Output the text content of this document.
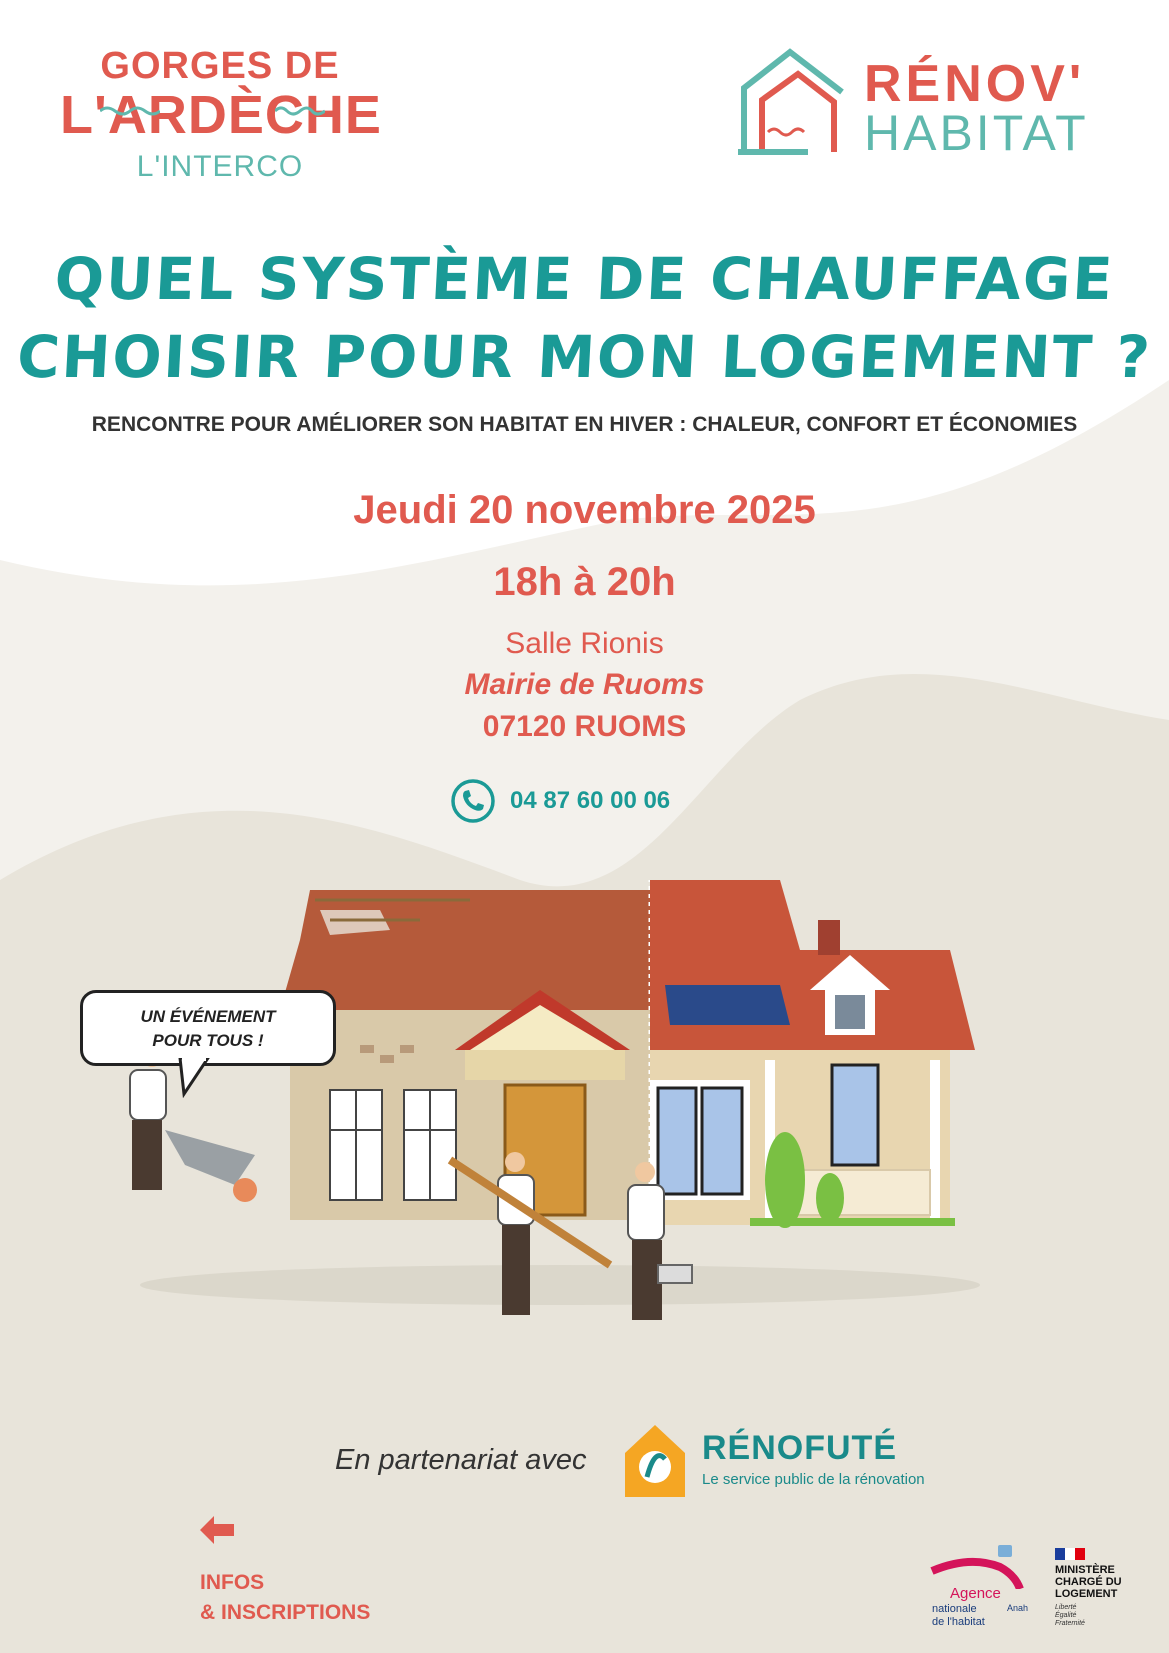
GORGES DE
L'ARDÈCHE
L'INTERCO
RÉNOV'
HABITAT
QUEL SYSTÈME DE CHAUFFAGE
CHOISIR POUR MON LOGEMENT ?
RENCONTRE POUR AMÉLIORER SON HABITAT EN HIVER : CHALEUR, CONFORT ET ÉCONOMIES
Jeudi 20 novembre 2025
18h à 20h
Salle Rionis
Mairie de Ruoms
07120 RUOMS
04 87 60 00 06
UN ÉVÉNEMENT
POUR TOUS !
En partenariat avec	RÉNOFUTÉ
Le service public de la rénovation
INFOS
& INSCRIPTIONS
Agence
nationale
de l'habitat
Anah
MINISTÈRE CHARGÉ DU LOGEMENT
Liberté
Égalité
Fraternité
